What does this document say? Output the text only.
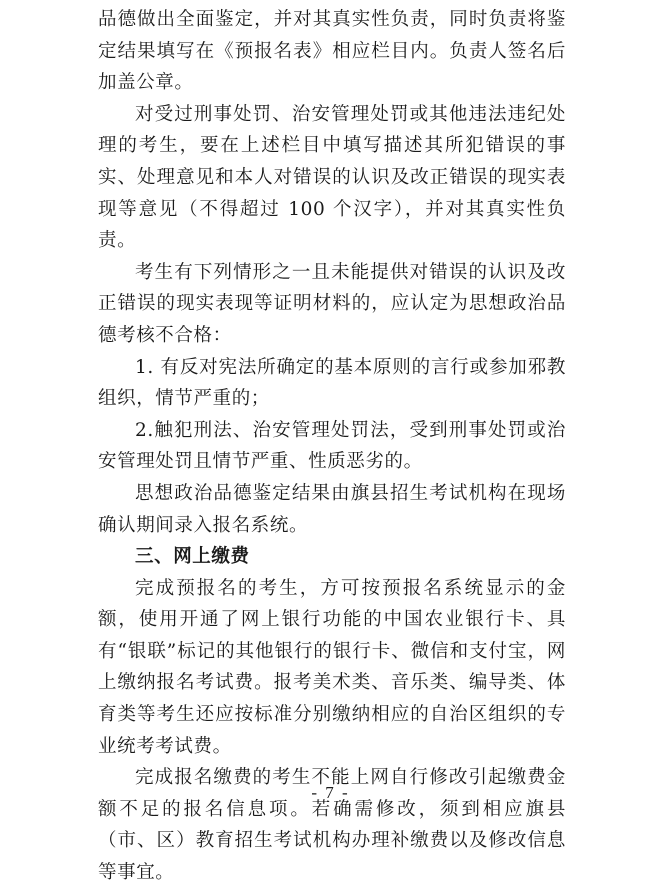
品德做出全面鉴定，并对其真实性负责，同时负责将鉴定结果填写在《预报名表》相应栏目内。负责人签名后加盖公章。

对受过刑事处罚、治安管理处罚或其他违法违纪处理的考生，要在上述栏目中填写描述其所犯错误的事实、处理意见和本人对错误的认识及改正错误的现实表现等意见（不得超过 100 个汉字），并对其真实性负责。

考生有下列情形之一且未能提供对错误的认识及改正错误的现实表现等证明材料的，应认定为思想政治品德考核不合格：

1. 有反对宪法所确定的基本原则的言行或参加邪教组织，情节严重的；

2.触犯刑法、治安管理处罚法，受到刑事处罚或治安管理处罚且情节严重、性质恶劣的。

思想政治品德鉴定结果由旗县招生考试机构在现场确认期间录入报名系统。

三、网上缴费

完成预报名的考生，方可按预报名系统显示的金额，使用开通了网上银行功能的中国农业银行卡、具有“银联”标记的其他银行的银行卡、微信和支付宝，网上缴纳报名考试费。报考美术类、音乐类、编导类、体育类等考生还应按标准分别缴纳相应的自治区组织的专业统考考试费。

完成报名缴费的考生不能上网自行修改引起缴费金额不足的报名信息项。若确需修改，须到相应旗县（市、区）教育招生考试机构办理补缴费以及修改信息等事宜。

- 7 -
